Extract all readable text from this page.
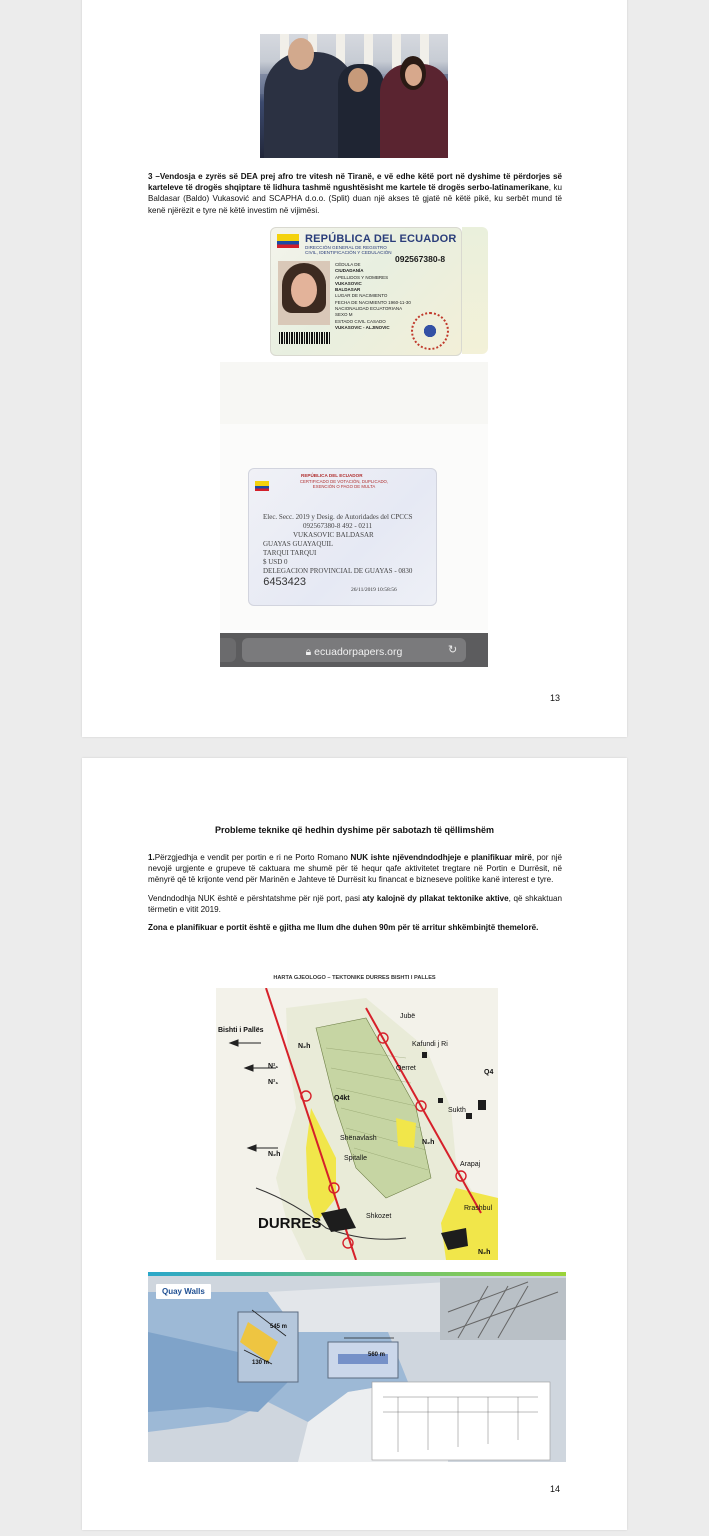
3 –Vendosja e zyrës së DEA prej afro tre vitesh në Tiranë, e vë edhe këtë port në dyshime të përdorjes së karteleve të drogës shqiptare të lidhura tashmë ngushtësisht me kartele të drogës serbo-latinamerikane, ku Baldasar (Baldo) Vukasović and SCAPHA d.o.o. (Split) duan një akses të gjatë në këtë pikë, ku serbët mund të kenë njërëzit e tyre në këtë investim në vijimësi.

REPÚBLICA DEL ECUADOR
DIRECCIÓN GENERAL DE REGISTRO CIVIL, IDENTIFICACIÓN Y CEDULACIÓN
092567380-8
CÉDULA DE
CIUDADANÍA
APELLIDOS Y NOMBRES
VUKASOVIC
BALDASAR
LUGAR DE NACIMIENTO
FECHA DE NACIMIENTO 1960-11-30
NACIONALIDAD ECUATORIANA
SEXO M
ESTADO CIVIL CASADO
VUKASOVIC - ALJINOVIC
REPÚBLICA DEL ECUADOR
CERTIFICADO DE VOTACIÓN, DUPLICADO, EXENCIÓN O PAGO DE MULTA
Elec. Secc. 2019 y Desig. de Autoridades del CPCCS
092567380-8 492 - 0211
VUKASOVIC BALDASAR
GUAYAS GUAYAQUIL
TARQUI TARQUI
$ USD 0
DELEGACION PROVINCIAL DE GUAYAS - 0830
6453423
26/11/2019 10:58:56
🔒︎ ecuadorpapers.org	↻
13
Probleme teknike që hedhin dyshime për sabotazh të qëllimshëm

1.Përzgjedhja e vendit per portin e ri ne Porto Romano NUK ishte njëvendndodhjeje e planifikuar mirë, por një nevojë urgjente e grupeve të caktuara me shumë për të hequr qafe aktivitetet tregtare në Portin e Durrësit, në mënyrë që të krijonte vend për Marinën e Jahteve të Durrësit ku financat e bizneseve politike kanë interest e tyre.

Vendndodhja NUK është e përshtatshme për një port, pasi aty kalojnë dy pllakat tektonike aktive, që shkaktuan tërmetin e vitit 2019.

Zona e planifikuar e portit është e gjitha me llum dhe duhen 90m për të arritur shkëmbinjtë themelorë.

HARTA GJEOLOGO – TEKTONIKE DURRES BISHTI I PALLES
Bishti i Pallës
N₂h
N¹₁
N¹₁
N₂h
Jubë
Kafundi j Ri
Qerret
Sukth
Q4
Q4kt
Shënavlash
Spitalle
Shkozet
Arapaj
Rrashbul
N₂h
N₂h
DURRES
545 m
130 m
560 m
Quay Walls
14
